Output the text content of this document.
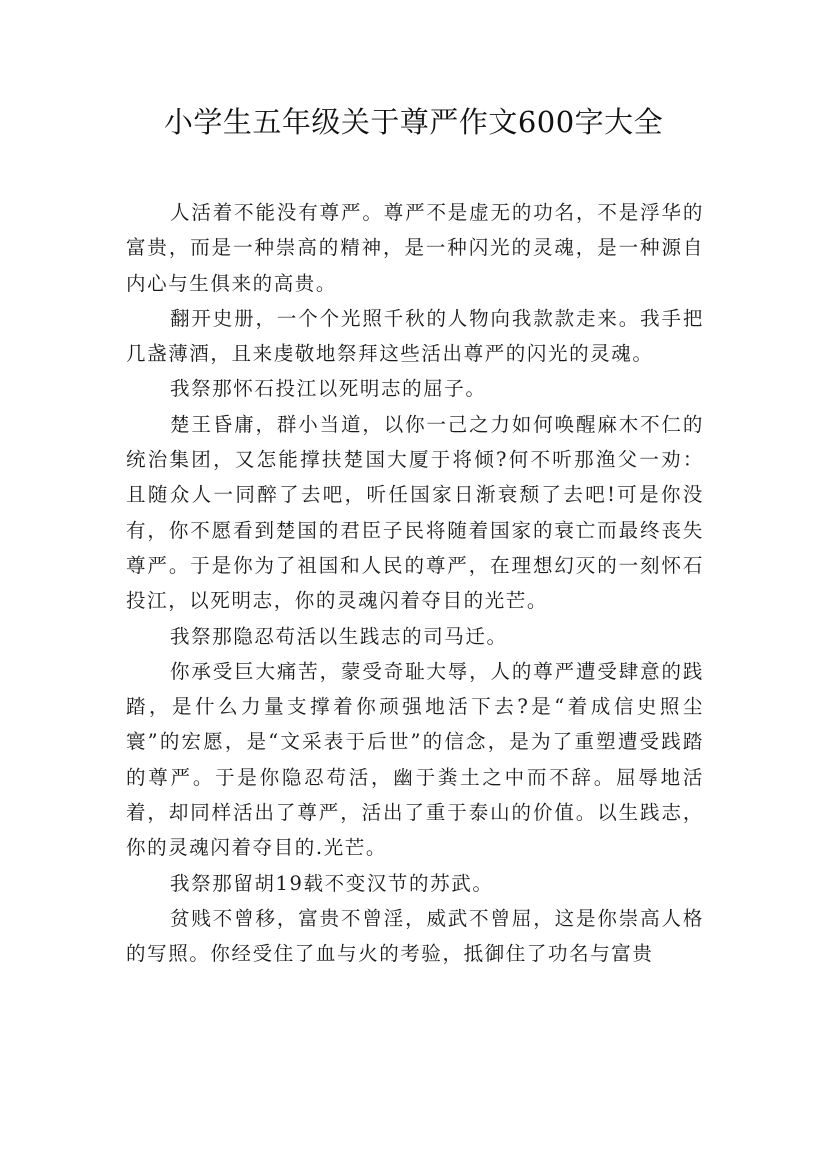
小学生五年级关于尊严作文600字大全

人活着不能没有尊严。尊严不是虚无的功名，不是浮华的富贵，而是一种崇高的精神，是一种闪光的灵魂，是一种源自内心与生俱来的高贵。

翻开史册，一个个光照千秋的人物向我款款走来。我手把几盏薄酒，且来虔敬地祭拜这些活出尊严的闪光的灵魂。

我祭那怀石投江以死明志的屈子。

楚王昏庸，群小当道，以你一己之力如何唤醒麻木不仁的统治集团，又怎能撑扶楚国大厦于将倾?何不听那渔父一劝：且随众人一同醉了去吧，听任国家日渐衰颓了去吧!可是你没有，你不愿看到楚国的君臣子民将随着国家的衰亡而最终丧失尊严。于是你为了祖国和人民的尊严，在理想幻灭的一刻怀石投江，以死明志，你的灵魂闪着夺目的光芒。

我祭那隐忍苟活以生践志的司马迁。

你承受巨大痛苦，蒙受奇耻大辱，人的尊严遭受肆意的践踏，是什么力量支撑着你顽强地活下去?是“着成信史照尘寰”的宏愿，是“文采表于后世”的信念，是为了重塑遭受践踏的尊严。于是你隐忍苟活，幽于粪土之中而不辞。屈辱地活着，却同样活出了尊严，活出了重于泰山的价值。以生践志，你的灵魂闪着夺目的.光芒。

我祭那留胡19载不变汉节的苏武。

贫贱不曾移，富贵不曾淫，威武不曾屈，这是你崇高人格的写照。你经受住了血与火的考验，抵御住了功名与富贵
